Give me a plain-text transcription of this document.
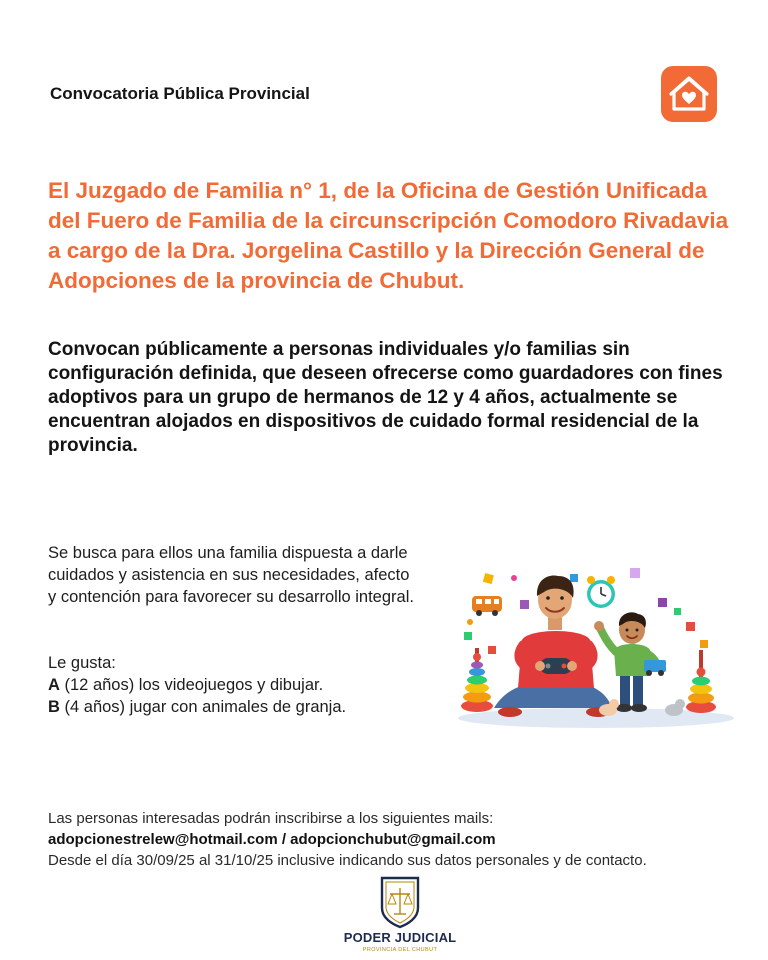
Convocatoria Pública Provincial

El Juzgado de Familia n° 1, de la Oficina de Gestión Unificada del Fuero de Familia de la circunscripción Comodoro Rivadavia a cargo de la Dra. Jorgelina Castillo y la Dirección General de Adopciones de la provincia de Chubut.

Convocan públicamente a personas individuales y/o familias sin configuración definida, que deseen ofrecerse como guardadores con fines adoptivos para un grupo de hermanos de 12 y 4 años, actualmente se encuentran alojados en dispositivos de cuidado formal residencial de la provincia.

Se busca para ellos una familia dispuesta a darle cuidados y asistencia en sus necesidades, afecto y contención para favorecer su desarrollo integral.

Le gusta:
A (12 años) los videojuegos y dibujar.
B (4 años) jugar con animales de granja.
Las personas interesadas podrán inscribirse a los siguientes mails:
adopcionestrelew@hotmail.com / adopcionchubut@gmail.com
Desde el día 30/09/25 al 31/10/25 inclusive indicando sus datos personales y de contacto.
PODER JUDICIAL
PROVINCIA DEL CHUBUT
